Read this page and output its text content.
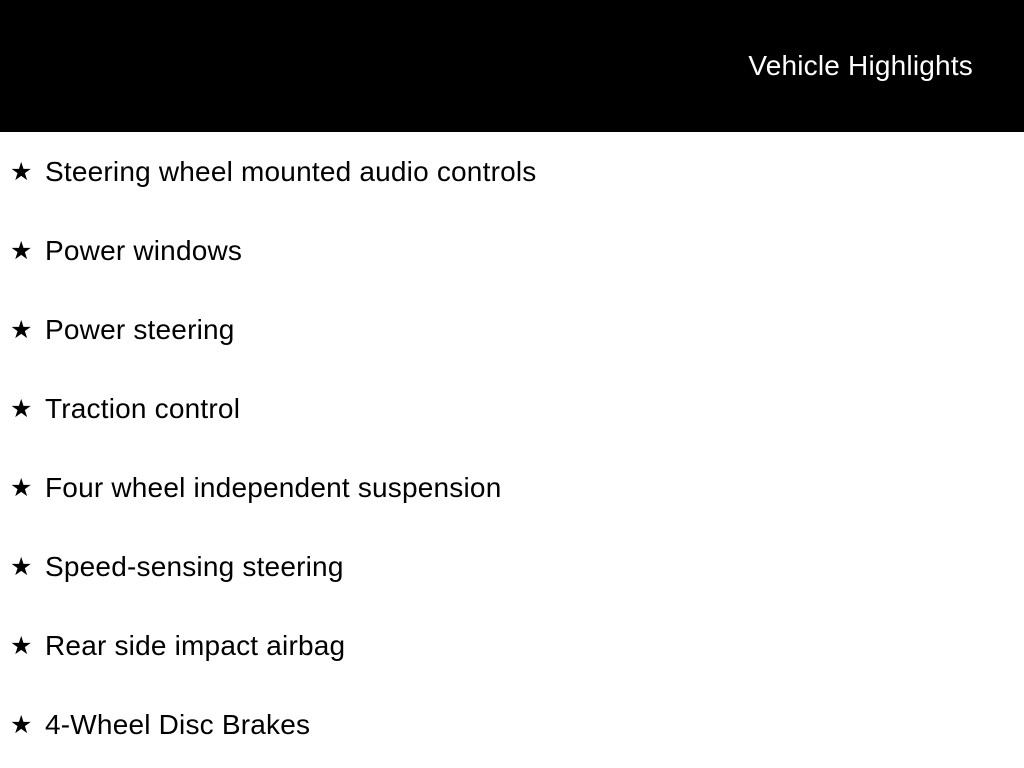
Vehicle Highlights
★ Steering wheel mounted audio controls
★ Power windows
★ Power steering
★ Traction control
★ Four wheel independent suspension
★ Speed-sensing steering
★ Rear side impact airbag
★ 4-Wheel Disc Brakes
